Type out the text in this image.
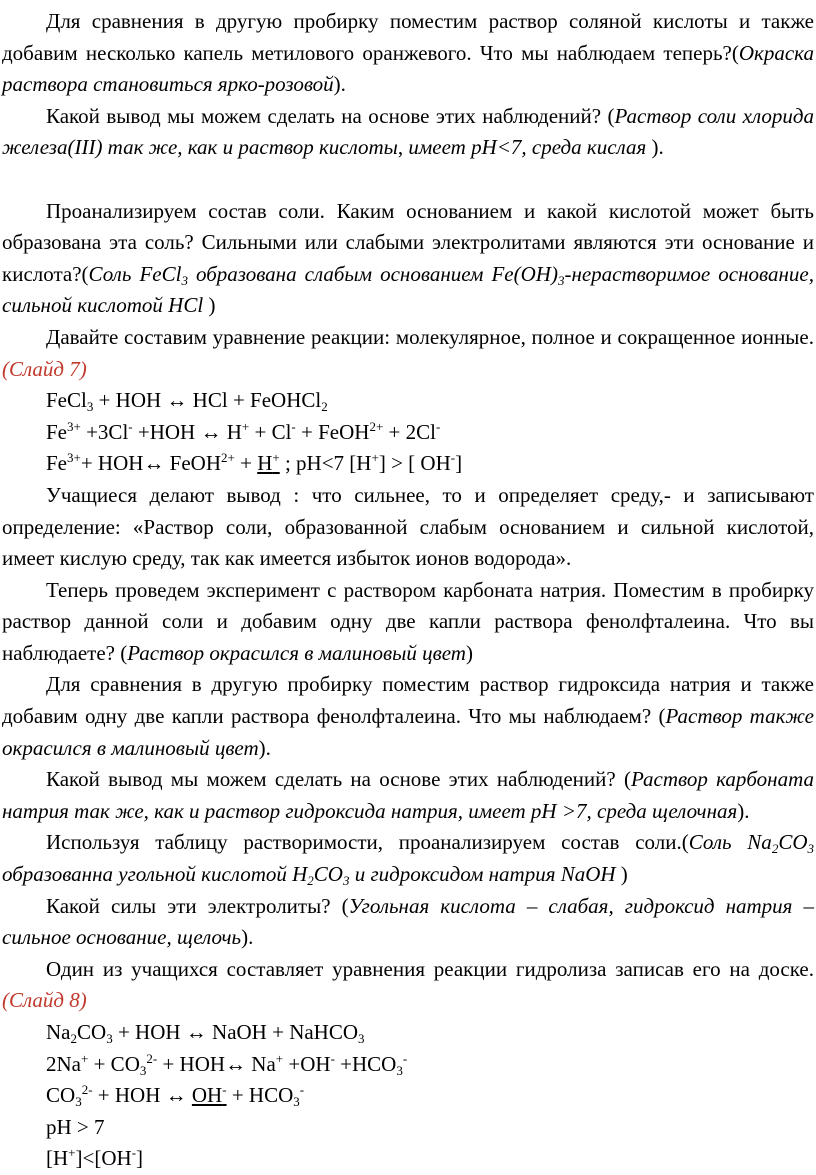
Для сравнения в другую пробирку поместим раствор соляной кислоты и также добавим несколько капель метилового оранжевого. Что мы наблюдаем теперь?(Окраска раствора становиться ярко-розовой).

Какой вывод мы можем сделать на основе этих наблюдений? (Раствор соли хлорида железа(III) так же, как и раствор кислоты, имеет pH<7, среда кислая ).

Проанализируем состав соли. Каким основанием и какой кислотой может быть образована эта соль? Сильными или слабыми электролитами являются эти основание и кислота?(Соль FeCl$_3$ образована слабым основанием $Fe(OH)_3$-нерастворимое основание, сильной кислотой HCl )

Давайте составим уравнение реакции: молекулярное, полное и сокращенное ионные. (Слайд 7)

FeCl$_3$ + HOH ↔ HCl + FeOHCl$_2$
$Fe^{3+} +3Cl^- +HOH$ ↔ H+ + Cl- + FeOH$^{2+}$ + 2Cl-
$Fe^{3+}+$ HOH↔ FeOH$^{2+}$ + H+ ; pH<7 [H+] > [ OH-]

Учащиеся делают вывод : что сильнее, то и определяет среду,- и записывают определение: «Раствор соли, образованной слабым основанием и сильной кислотой, имеет кислую среду, так как имеется избыток ионов водорода».

Теперь проведем эксперимент с раствором карбоната натрия. Поместим в пробирку раствор данной соли и добавим одну две капли раствора фенолфталеина. Что вы наблюдаете? (Раствор окрасился в малиновый цвет)

Для сравнения в другую пробирку поместим раствор гидроксида натрия и также добавим одну две капли раствора фенолфталеина. Что мы наблюдаем? (Раствор также окрасился в малиновый цвет).

Какой вывод мы можем сделать на основе этих наблюдений? (Раствор карбоната натрия так же, как и раствор гидроксида натрия, имеет pH >7, среда щелочная).

Используя таблицу растворимости, проанализируем состав соли.(Соль $Na_2CO_3$ образованна угольной кислотой $H_2CO_3$ и гидроксидом натрия NaOH )

Какой силы эти электролиты? (Угольная кислота – слабая, гидроксид натрия – сильное основание, щелочь).

Один из учащихся составляет уравнения реакции гидролиза записав его на доске. (Слайд 8)

$Na_2CO_3$ + HOH ↔ NaOH + NaHCO$_3$
$2Na^+ + CO_3^{2-}$ + HOH↔ $Na^+ +OH^- +HCO_3^-$
$CO_3^{2-}$ + HOH ↔ $OH^- + HCO_3^-$
pH > 7
[H+]<[OH-]
